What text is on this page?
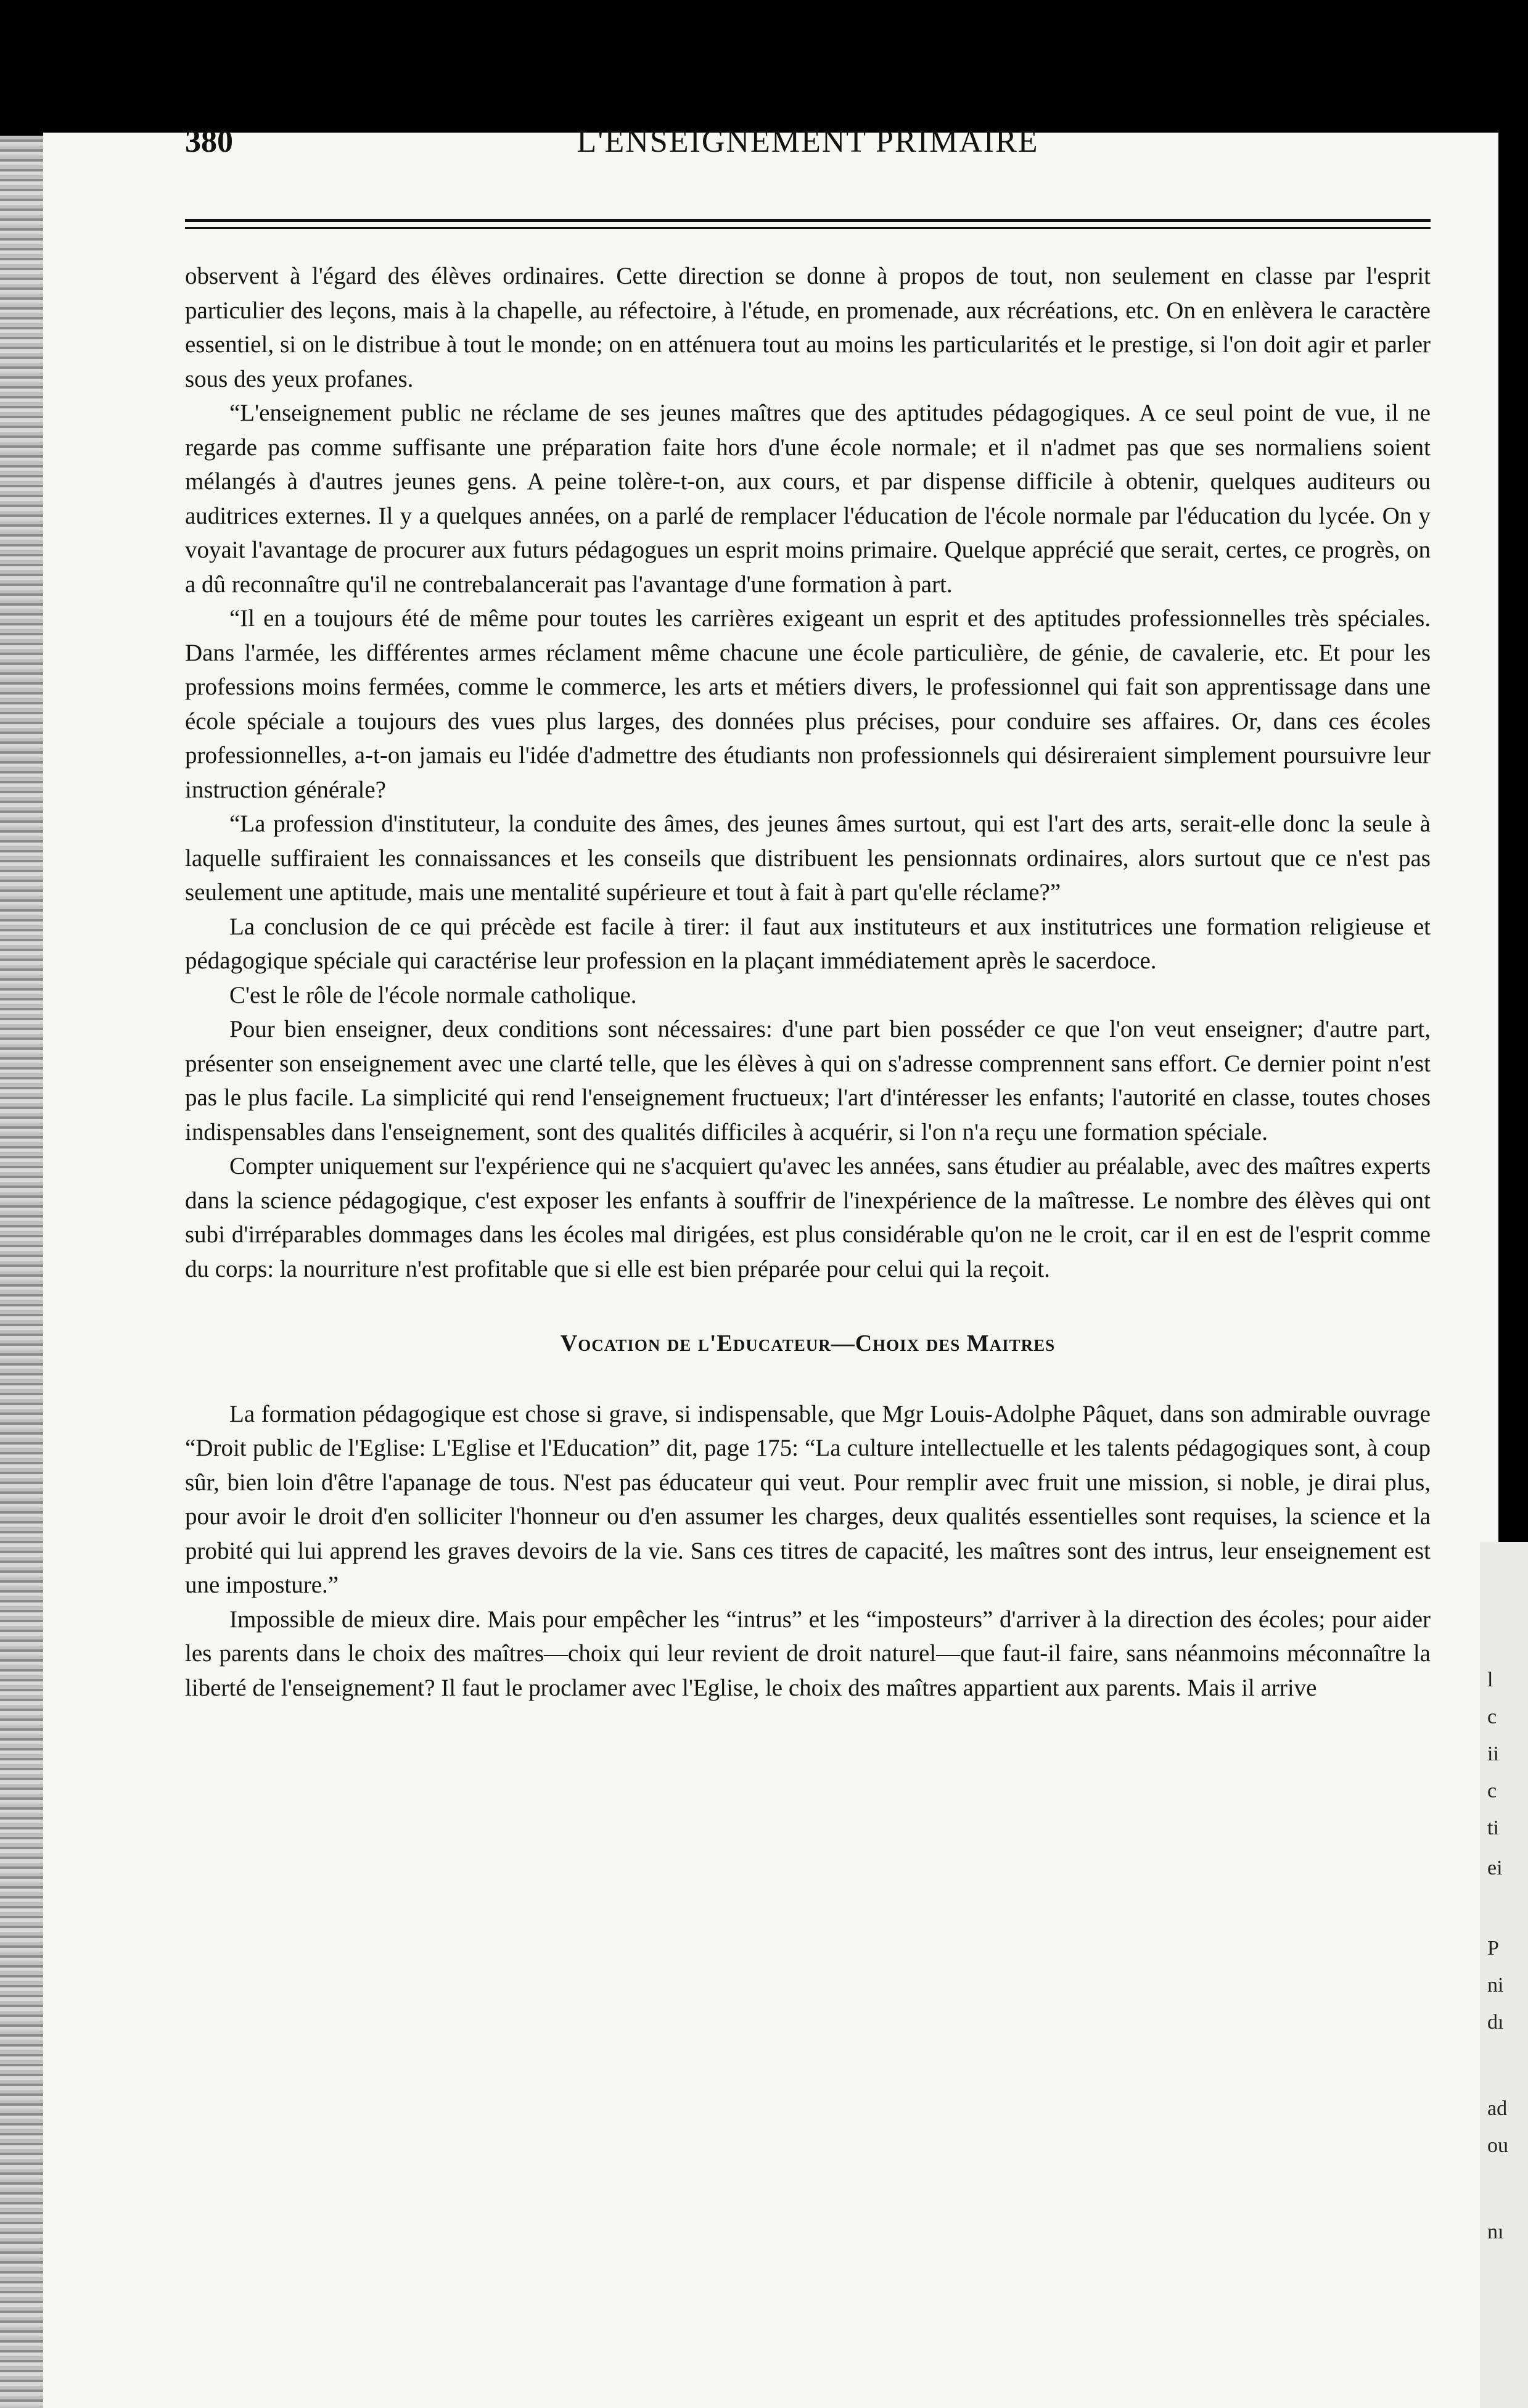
380	L'ENSEIGNEMENT PRIMAIRE

observent à l'égard des élèves ordinaires. Cette direction se donne à propos de tout, non seulement en classe par l'esprit particulier des leçons, mais à la chapelle, au réfectoire, à l'étude, en promenade, aux récréations, etc. On en enlèvera le caractère essentiel, si on le distribue à tout le monde; on en atténuera tout au moins les particularités et le prestige, si l'on doit agir et parler sous des yeux profanes.

“L'enseignement public ne réclame de ses jeunes maîtres que des aptitudes pédagogiques. A ce seul point de vue, il ne regarde pas comme suffisante une préparation faite hors d'une école normale; et il n'admet pas que ses normaliens soient mélangés à d'autres jeunes gens. A peine tolère-t-on, aux cours, et par dispense difficile à obtenir, quelques auditeurs ou auditrices externes. Il y a quelques années, on a parlé de remplacer l'éducation de l'école normale par l'éducation du lycée. On y voyait l'avantage de procurer aux futurs pédagogues un esprit moins primaire. Quelque apprécié que serait, certes, ce progrès, on a dû reconnaître qu'il ne contrebalancerait pas l'avantage d'une formation à part.

“Il en a toujours été de même pour toutes les carrières exigeant un esprit et des aptitudes professionnelles très spéciales. Dans l'armée, les différentes armes réclament même chacune une école particulière, de génie, de cavalerie, etc. Et pour les professions moins fermées, comme le commerce, les arts et métiers divers, le professionnel qui fait son apprentissage dans une école spéciale a toujours des vues plus larges, des données plus précises, pour conduire ses affaires. Or, dans ces écoles professionnelles, a-t-on jamais eu l'idée d'admettre des étudiants non professionnels qui désireraient simplement poursuivre leur instruction générale?

“La profession d'instituteur, la conduite des âmes, des jeunes âmes surtout, qui est l'art des arts, serait-elle donc la seule à laquelle suffiraient les connaissances et les conseils que distribuent les pensionnats ordinaires, alors surtout que ce n'est pas seulement une aptitude, mais une mentalité supérieure et tout à fait à part qu'elle réclame?”

La conclusion de ce qui précède est facile à tirer: il faut aux instituteurs et aux institutrices une formation religieuse et pédagogique spéciale qui caractérise leur profession en la plaçant immédiatement après le sacerdoce.

C'est le rôle de l'école normale catholique.

Pour bien enseigner, deux conditions sont nécessaires: d'une part bien posséder ce que l'on veut enseigner; d'autre part, présenter son enseignement avec une clarté telle, que les élèves à qui on s'adresse comprennent sans effort. Ce dernier point n'est pas le plus facile. La simplicité qui rend l'enseignement fructueux; l'art d'intéresser les enfants; l'autorité en classe, toutes choses indispensables dans l'enseignement, sont des qualités difficiles à acquérir, si l'on n'a reçu une formation spéciale.

Compter uniquement sur l'expérience qui ne s'acquiert qu'avec les années, sans étudier au préalable, avec des maîtres experts dans la science pédagogique, c'est exposer les enfants à souffrir de l'inexpérience de la maîtresse. Le nombre des élèves qui ont subi d'irréparables dommages dans les écoles mal dirigées, est plus considérable qu'on ne le croit, car il en est de l'esprit comme du corps: la nourriture n'est profitable que si elle est bien préparée pour celui qui la reçoit.

Vocation de l'Educateur—Choix des Maitres

La formation pédagogique est chose si grave, si indispensable, que Mgr Louis-Adolphe Pâquet, dans son admirable ouvrage “Droit public de l'Eglise: L'Eglise et l'Education” dit, page 175: “La culture intellectuelle et les talents pédagogiques sont, à coup sûr, bien loin d'être l'apanage de tous. N'est pas éducateur qui veut. Pour remplir avec fruit une mission, si noble, je dirai plus, pour avoir le droit d'en solliciter l'honneur ou d'en assumer les charges, deux qualités essentielles sont requises, la science et la probité qui lui apprend les graves devoirs de la vie. Sans ces titres de capacité, les maîtres sont des intrus, leur enseignement est une imposture.”

Impossible de mieux dire. Mais pour empêcher les “intrus” et les “imposteurs” d'arriver à la direction des écoles; pour aider les parents dans le choix des maîtres—choix qui leur revient de droit naturel—que faut-il faire, sans néanmoins méconnaître la liberté de l'enseignement? Il faut le proclamer avec l'Eglise, le choix des maîtres appartient aux parents. Mais il arrive	l
c
ii
c
ti
ei
P
ni
dı
ad
ou
nı
